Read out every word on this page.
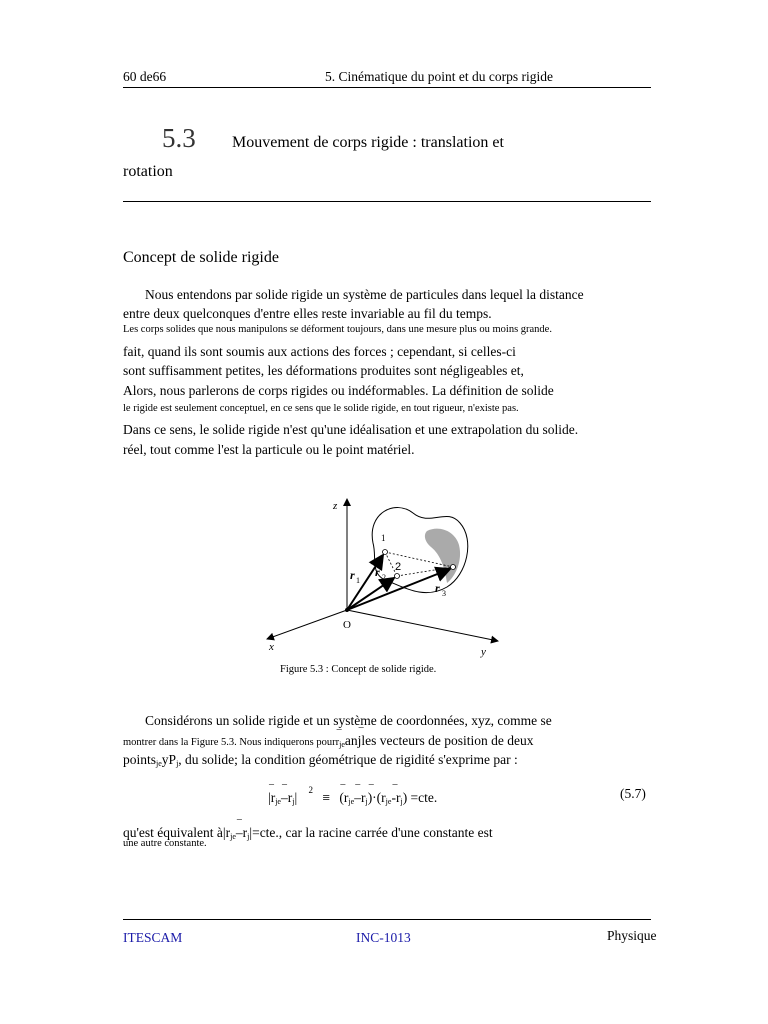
60 de66	5. Cinématique du point et du corps rigide
5.3 Mouvement de corps rigide : translation et
rotation
Concept de solide rigide
Nous entendons par solide rigide un système de particules dans lequel la distance
entre deux quelconques d'entre elles reste invariable au fil du temps.
Les corps solides que nous manipulons se déforment toujours, dans une mesure plus ou moins grande.
fait, quand ils sont soumis aux actions des forces ; cependant, si celles-ci
sont suffisamment petites, les déformations produites sont négligeables et,
Alors, nous parlerons de corps rigides ou indéformables. La définition de solide
le rigide est seulement conceptuel, en ce sens que le solide rigide, en tout rigueur, n'existe pas.
Dans ce sens, le solide rigide n'est qu'une idéalisation et une extrapolation du solide.
réel, tout comme l'est la particule ou le point matériel.
z
x	y
O
1
2
r 1
r 2
r 3
Figure 5.3 : Concept de solide rigide.
Considérons un solide rigide et un système de coordonnées, xyz, comme se
montrer dans la Figure 5.3. Nous indiquerons pour– $r_{je}an-$ jles vecteurs de position de deux
$points_{je}yP_j$, du solide; la condition géométrique de rigidité s'exprime par :
– $|r_{je}-$ $-r_j|$ $^2$ ≡ – ($r_{je}-$ $-r_j-$ )$\cdot(r_{je}-$ $-r_j) =cte$.	(5.7)
qu'est équivalent $à|r_{je}-$ $-r_j|=cte$., car la racine carrée d'une constante est
une autre constante.
ITESCAM	INC-1013	Physique
